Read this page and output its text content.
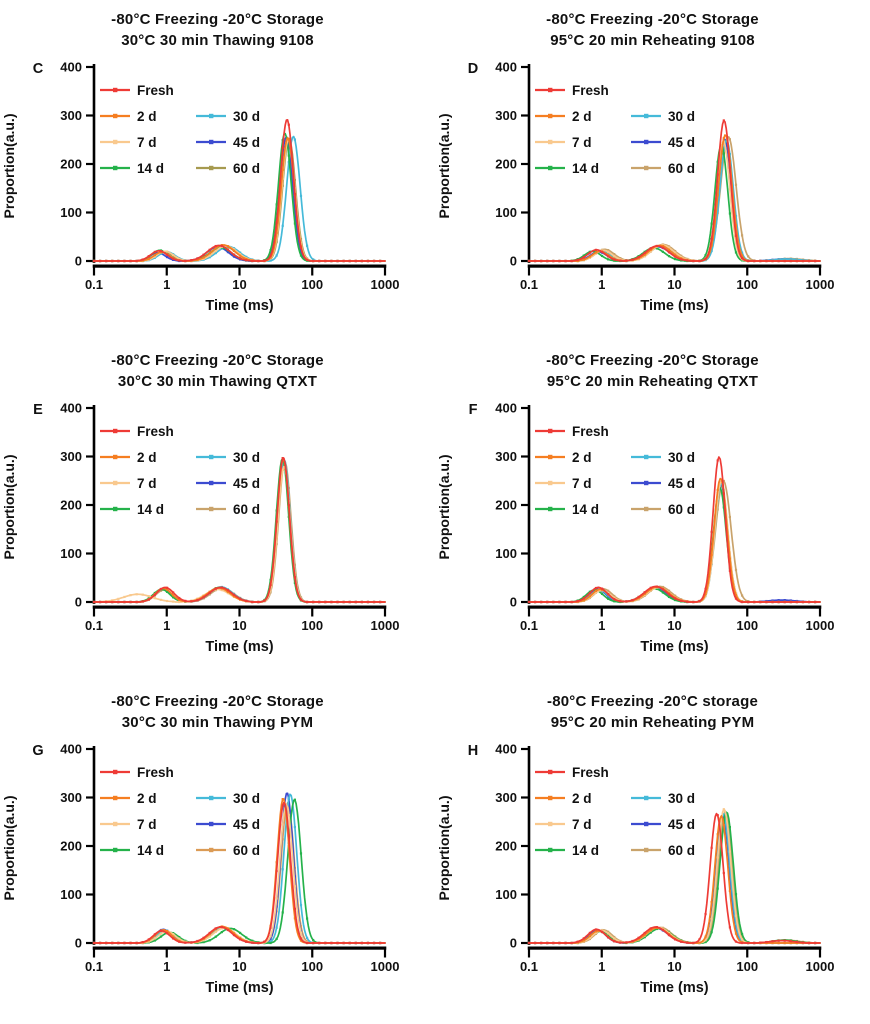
-80°C Freezing -20°C Storage
30°C 30 min Thawing 9108
0
100
200
300
400
0.1	1	10	100	1000
Time (ms)
Proportion(a.u.)
C
Fresh
2 d
7 d
14 d
30 d
45 d
60 d
-80°C Freezing -20°C Storage
95°C 20 min Reheating 9108
0
100
200
300
400
0.1	1	10	100	1000
Time (ms)
Proportion(a.u.)
D
Fresh
2 d
7 d
14 d
30 d
45 d
60 d
-80°C Freezing -20°C Storage
30°C 30 min Thawing QTXT
0
100
200
300
400
0.1	1	10	100	1000
Time (ms)
Proportion(a.u.)
E
Fresh
2 d
7 d
14 d
30 d
45 d
60 d
-80°C Freezing -20°C Storage
95°C 20 min Reheating QTXT
0
100
200
300
400
0.1	1	10	100	1000
Time (ms)
Proportion(a.u.)
F
Fresh
2 d
7 d
14 d
30 d
45 d
60 d
-80°C Freezing -20°C Storage
30°C 30 min Thawing PYM
0
100
200
300
400
0.1	1	10	100	1000
Time (ms)
Proportion(a.u.)
G
Fresh
2 d
7 d
14 d
30 d
45 d
60 d
-80°C Freezing -20°C storage
95°C 20 min Reheating PYM
0
100
200
300
400
0.1	1	10	100	1000
Time (ms)
Proportion(a.u.)
H
Fresh
2 d
7 d
14 d
30 d
45 d
60 d
